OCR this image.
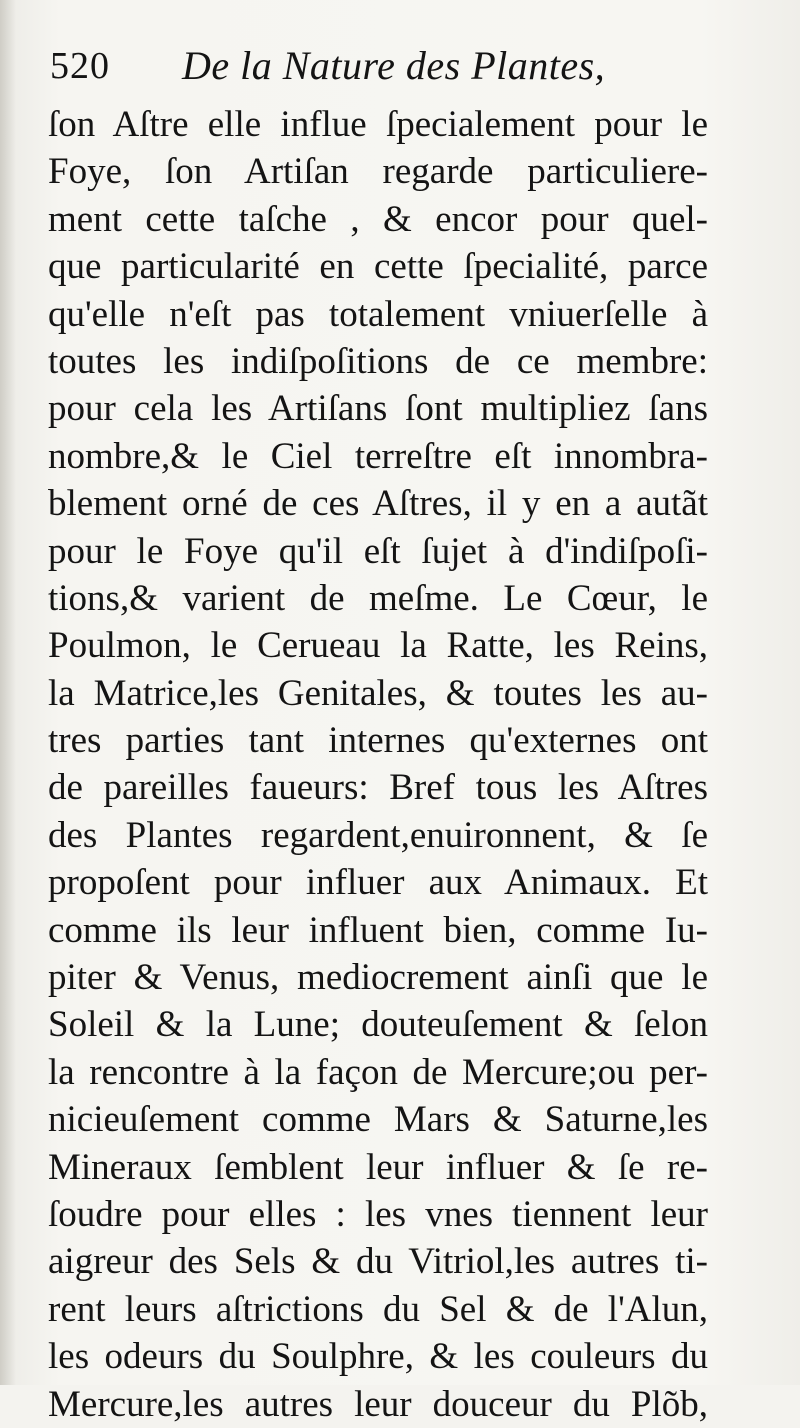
520 De la Nature des Plantes,
ſon Aſtre elle influe ſpecialement pour le
Foye, ſon Artiſan regarde particuliere-
ment cette taſche , & encor pour quel-
que particularité en cette ſpecialité, parce
qu'elle n'eſt pas totalement vniuerſelle à
toutes les indiſpoſitions de ce membre:
pour cela les Artiſans ſont multipliez ſans
nombre,& le Ciel terreſtre eſt innombra-
blement orné de ces Aſtres, il y en a autãt
pour le Foye qu'il eſt ſujet à d'indiſpoſi-
tions,& varient de meſme. Le Cœur, le
Poulmon, le Cerueau la Ratte, les Reins,
la Matrice,les Genitales, & toutes les au-
tres parties tant internes qu'externes ont
de pareilles faueurs: Bref tous les Aſtres
des Plantes regardent,enuironnent, & ſe
propoſent pour influer aux Animaux. Et
comme ils leur influent bien, comme Iu-
piter & Venus, mediocrement ainſi que le
Soleil & la Lune; douteuſement & ſelon
la rencontre à la façon de Mercure;ou per-
nicieuſement comme Mars & Saturne,les
Mineraux ſemblent leur influer & ſe re-
ſoudre pour elles : les vnes tiennent leur
aigreur des Sels & du Vitriol,les autres ti-
rent leurs aſtrictions du Sel & de l'Alun,
les odeurs du Soulphre, & les couleurs du
Mercure,les autres leur douceur du Plõb,
